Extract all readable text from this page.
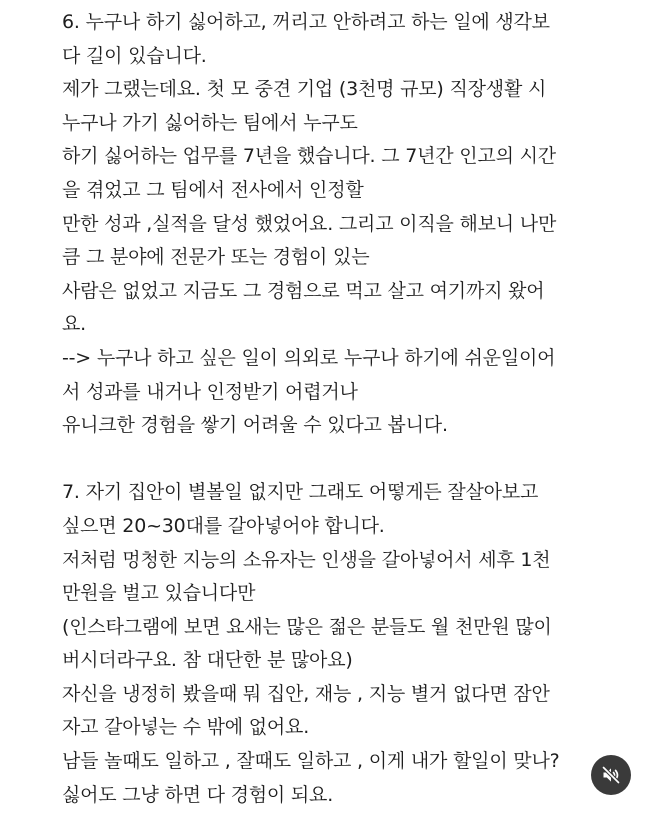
6. 누구나 하기 싫어하고, 꺼리고 안하려고 하는 일에 생각보
다 길이 있습니다.
제가 그랬는데요. 첫 모 중견 기업 (3천명 규모) 직장생활 시
누구나 가기 싫어하는 팀에서 누구도
하기 싫어하는 업무를 7년을 했습니다. 그 7년간 인고의 시간
을 겪었고 그 팀에서 전사에서 인정할
만한 성과 ,실적을 달성 했었어요. 그리고 이직을 해보니 나만
큼 그 분야에 전문가 또는 경험이 있는
사람은 없었고 지금도 그 경험으로 먹고 살고 여기까지 왔어
요.
--> 누구나 하고 싶은 일이 의외로 누구나 하기에 쉬운일이어
서 성과를 내거나 인정받기 어렵거나
유니크한 경험을 쌓기 어려울 수 있다고 봅니다.
7. 자기 집안이 별볼일 없지만 그래도 어떻게든 잘살아보고
싶으면 20~30대를 갈아넣어야 합니다.
저처럼 멍청한 지능의 소유자는 인생을 갈아넣어서 세후 1천
만원을 벌고 있습니다만
(인스타그램에 보면 요새는 많은 젊은 분들도 월 천만원 많이
버시더라구요. 참 대단한 분 많아요)
자신을 냉정히 봤을때 뭐 집안, 재능 , 지능 별거 없다면 잠안
자고 갈아넣는 수 밖에 없어요.
남들 놀때도 일하고 , 잘때도 일하고 , 이게 내가 할일이 맞나?
싫어도 그냥 하면 다 경험이 되요.
